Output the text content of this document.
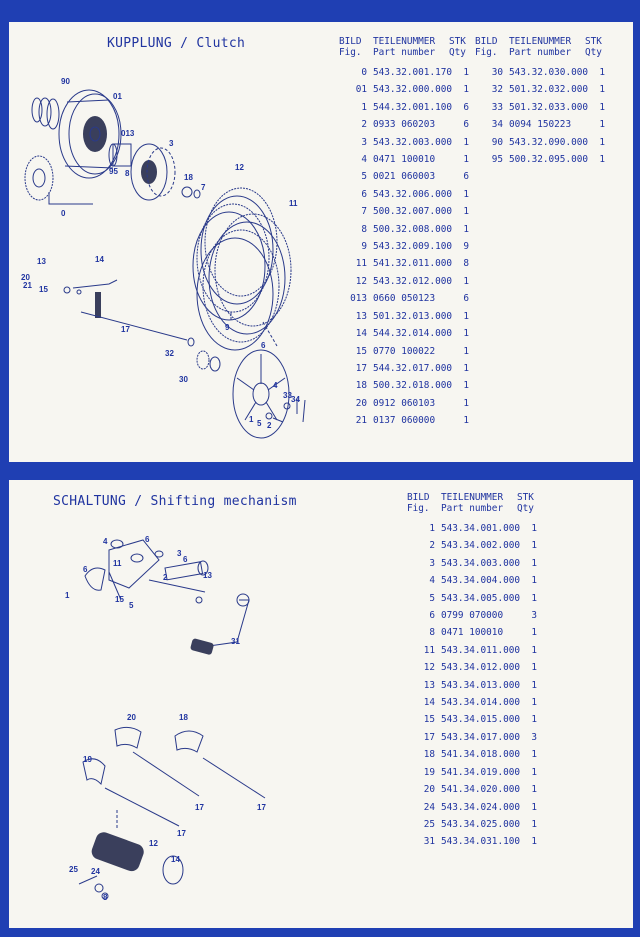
KUPPLUNG / Clutch
90
01
013
3
95 8	18
7
12
11
0
13	14
20
21 15
17	9
32
30
6
4
33 34
1 5 2
BILD	TEILENUMMER	STK
Fig.	Part number	Qty
0 543.32.001.170	1
01 543.32.000.000	1
1 544.32.001.100	6
2 0933 060203	6
3 543.32.003.000	1
4 0471 100010	1
5 0021 060003	6
6 543.32.006.000	1
7 500.32.007.000	1
8 500.32.008.000	1
9 543.32.009.100	9
11 541.32.011.000	8
12 543.32.012.000	1
013 0660 050123	6
13 501.32.013.000	1
14 544.32.014.000	1
15 0770 100022	1
17 544.32.017.000	1
18 500.32.018.000	1
20 0912 060103	1
21 0137 060000	1
BILD	TEILENUMMER	STK
Fig.	Part number	Qty
30 543.32.030.000	1
32 501.32.032.000	1
33 501.32.033.000	1
34 0094 150223	1
90 543.32.090.000	1
95 500.32.095.000	1
SCHALTUNG / Shifting mechanism
4	6
3
6
6
11
2	13
1	15
5
31
20	18
19
17	17
17
12
14
25 24
8
BILD	TEILENUMMER	STK
Fig.	Part number	Qty
1 543.34.001.000	1
2 543.34.002.000	1
3 543.34.003.000	1
4 543.34.004.000	1
5 543.34.005.000	1
6 0799 070000	3
8 0471 100010	1
11 543.34.011.000	1
12 543.34.012.000	1
13 543.34.013.000	1
14 543.34.014.000	1
15 543.34.015.000	1
17 543.34.017.000	3
18 541.34.018.000	1
19 541.34.019.000	1
20 541.34.020.000	1
24 543.34.024.000	1
25 543.34.025.000	1
31 543.34.031.100	1
